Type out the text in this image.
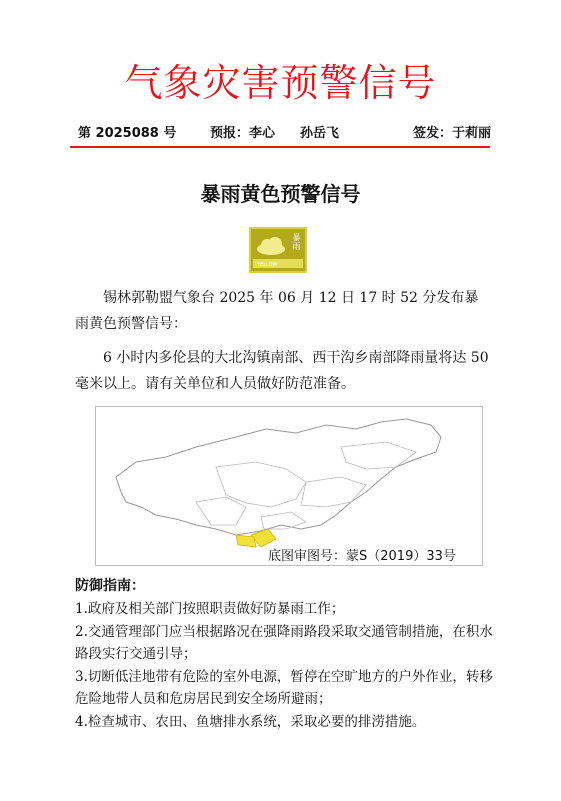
气象灾害预警信号
第 2025088 号	预报：李心 孙岳飞	签发：于莉丽
暴雨黄色预警信号
暴雨
YELLOW
锡林郭勒盟气象台 2025 年 06 月 12 日 17 时 52 分发布暴雨黄色预警信号：
6 小时内多伦县的大北沟镇南部、西干沟乡南部降雨量将达 50 毫米以上。请有关单位和人员做好防范准备。
底图审图号：蒙S（2019）33号
防御指南：
1.政府及相关部门按照职责做好防暴雨工作；
2.交通管理部门应当根据路况在强降雨路段采取交通管制措施，在积水路段实行交通引导；
3.切断低洼地带有危险的室外电源，暂停在空旷地方的户外作业，转移危险地带人员和危房居民到安全场所避雨；
4.检查城市、农田、鱼塘排水系统，采取必要的排涝措施。
